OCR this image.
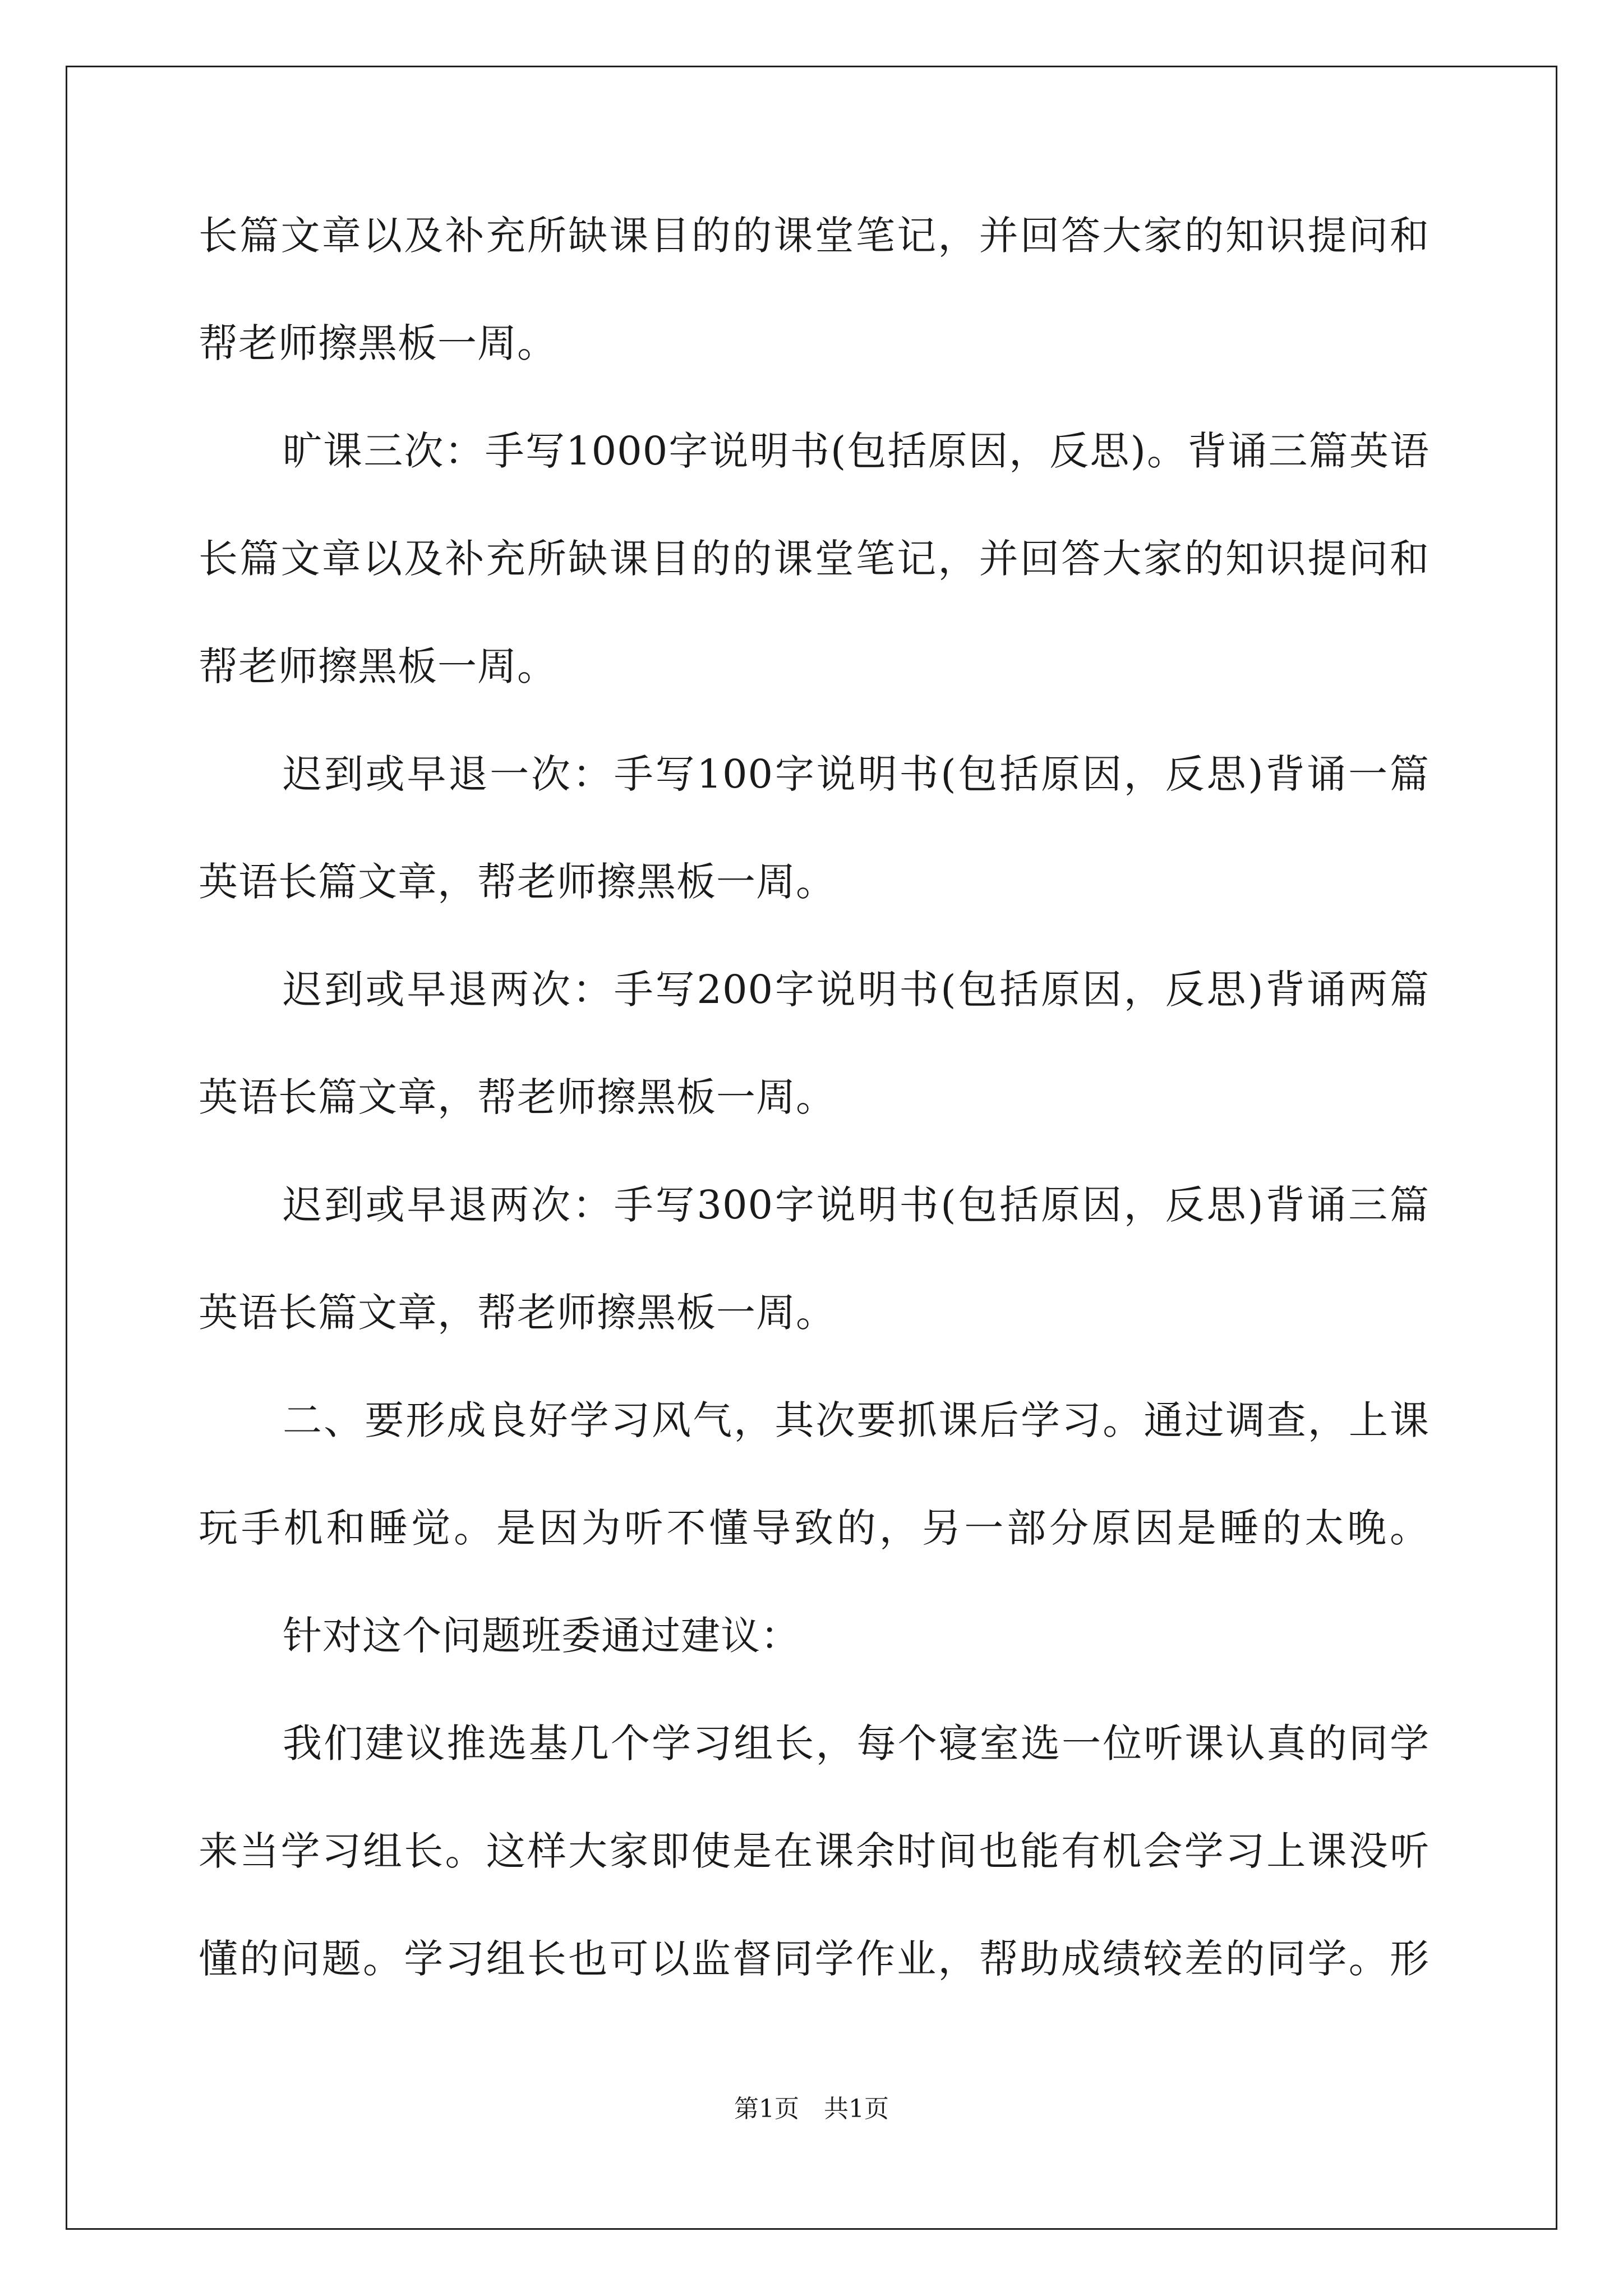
长篇文章以及补充所缺课目的的课堂笔记，并回答大家的知识提问和
帮老师擦黑板一周。
旷课三次：手写1000字说明书(包括原因，反思)。背诵三篇英语
长篇文章以及补充所缺课目的的课堂笔记，并回答大家的知识提问和
帮老师擦黑板一周。
迟到或早退一次：手写100字说明书(包括原因，反思)背诵一篇
英语长篇文章，帮老师擦黑板一周。
迟到或早退两次：手写200字说明书(包括原因，反思)背诵两篇
英语长篇文章，帮老师擦黑板一周。
迟到或早退两次：手写300字说明书(包括原因，反思)背诵三篇
英语长篇文章，帮老师擦黑板一周。
二、要形成良好学习风气，其次要抓课后学习。通过调查，上课
玩手机和睡觉。是因为听不懂导致的，另一部分原因是睡的太晚。
针对这个问题班委通过建议：
我们建议推选基几个学习组长，每个寝室选一位听课认真的同学
来当学习组长。这样大家即使是在课余时间也能有机会学习上课没听
懂的问题。学习组长也可以监督同学作业，帮助成绩较差的同学。形
第1页　共1页
